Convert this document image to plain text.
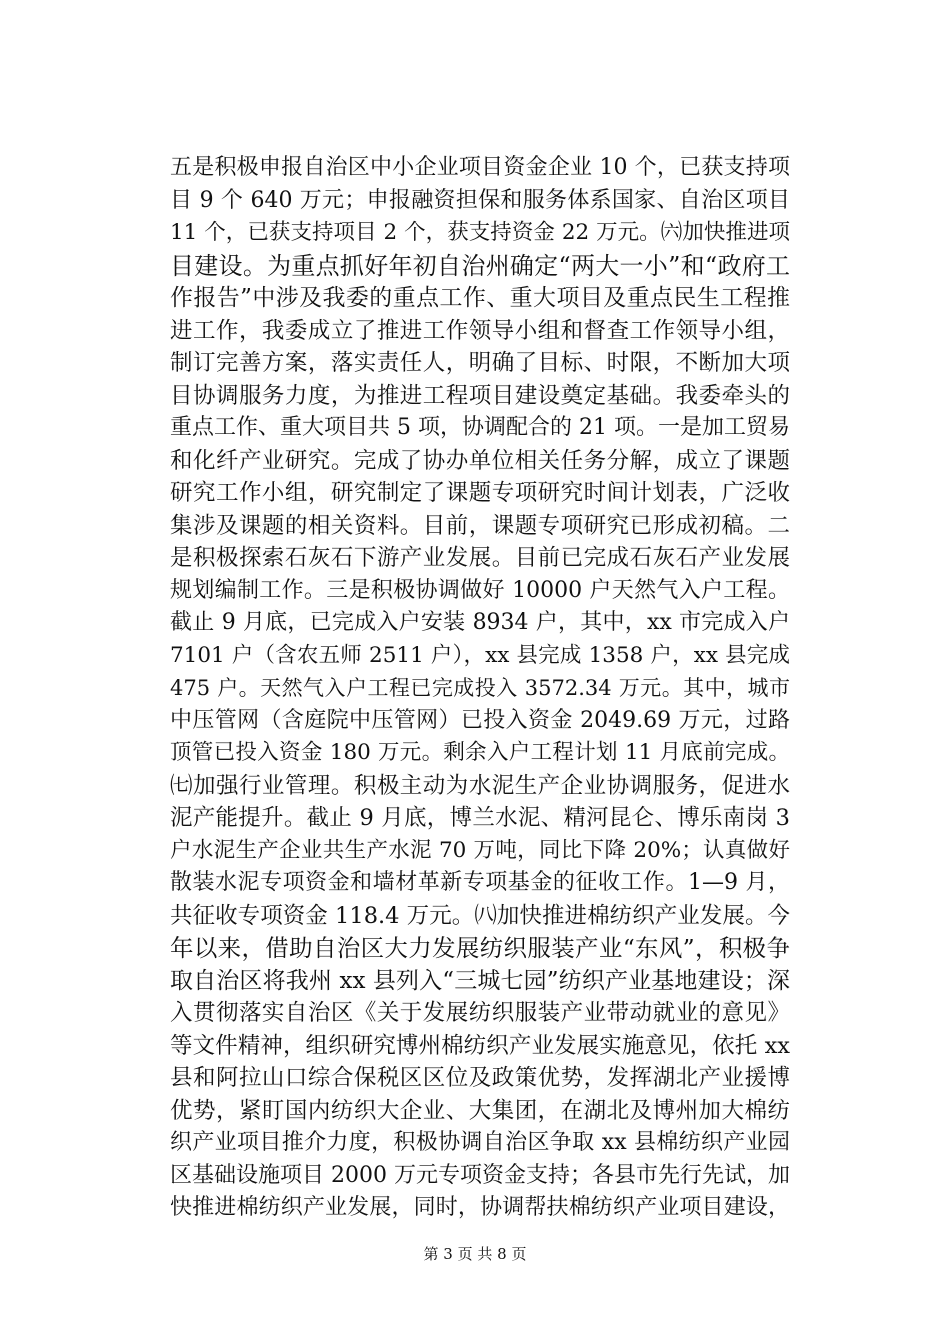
五是积极申报自治区中小企业项目资金企业 10 个，已获支持项
目 9 个 640 万元；申报融资担保和服务体系国家、自治区项目
11 个，已获支持项目 2 个，获支持资金 22 万元。㈥加快推进项
目建设。为重点抓好年初自治州确定“两大一小”和“政府工
作报告”中涉及我委的重点工作、重大项目及重点民生工程推
进工作，我委成立了推进工作领导小组和督查工作领导小组，
制订完善方案，落实责任人，明确了目标、时限，不断加大项
目协调服务力度，为推进工程项目建设奠定基础。我委牵头的
重点工作、重大项目共 5 项，协调配合的 21 项。一是加工贸易
和化纤产业研究。完成了协办单位相关任务分解，成立了课题
研究工作小组，研究制定了课题专项研究时间计划表，广泛收
集涉及课题的相关资料。目前，课题专项研究已形成初稿。二
是积极探索石灰石下游产业发展。目前已完成石灰石产业发展
规划编制工作。三是积极协调做好 10000 户天然气入户工程。
截止 9 月底，已完成入户安装 8934 户，其中，xx 市完成入户
7101 户（含农五师 2511 户），xx 县完成 1358 户，xx 县完成
475 户。天然气入户工程已完成投入 3572.34 万元。其中，城市
中压管网（含庭院中压管网）已投入资金 2049.69 万元，过路
顶管已投入资金 180 万元。剩余入户工程计划 11 月底前完成。
㈦加强行业管理。积极主动为水泥生产企业协调服务，促进水
泥产能提升。截止 9 月底，博兰水泥、精河昆仑、博乐南岗 3
户水泥生产企业共生产水泥 70 万吨，同比下降 20%；认真做好
散装水泥专项资金和墙材革新专项基金的征收工作。1—9 月，
共征收专项资金 118.4 万元。㈧加快推进棉纺织产业发展。今
年以来，借助自治区大力发展纺织服装产业“东风”，积极争
取自治区将我州 xx 县列入“三城七园”纺织产业基地建设；深
入贯彻落实自治区《关于发展纺织服装产业带动就业的意见》
等文件精神，组织研究博州棉纺织产业发展实施意见，依托 xx
县和阿拉山口综合保税区区位及政策优势，发挥湖北产业援博
优势，紧盯国内纺织大企业、大集团，在湖北及博州加大棉纺
织产业项目推介力度，积极协调自治区争取 xx 县棉纺织产业园
区基础设施项目 2000 万元专项资金支持；各县市先行先试，加
快推进棉纺织产业发展，同时，协调帮扶棉纺织产业项目建设，
第 3 页 共 8 页
